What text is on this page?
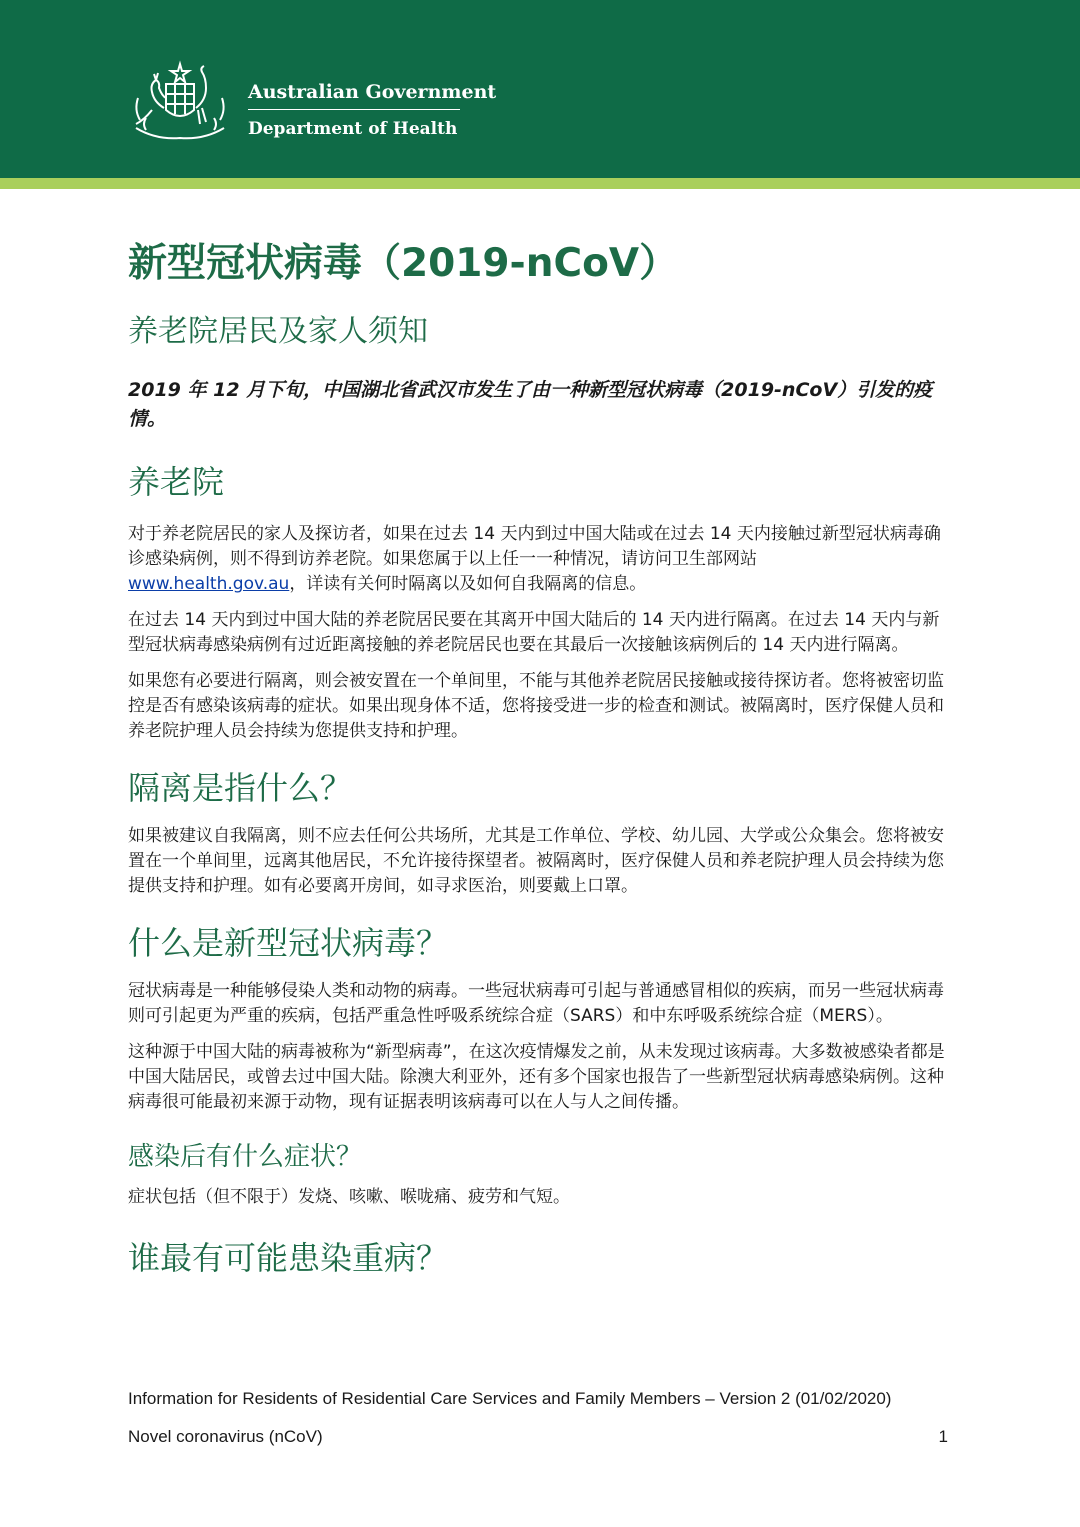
Australian Government
Department of Health
新型冠状病毒（2019-nCoV）
养老院居民及家人须知

2019 年 12 月下旬，中国湖北省武汉市发生了由一种新型冠状病毒（2019-nCoV）引发的疫情。

养老院

对于养老院居民的家人及探访者，如果在过去 14 天内到过中国大陆或在过去 14 天内接触过新型冠状病毒确诊感染病例，则不得到访养老院。如果您属于以上任一一种情况，请访问卫生部网站
www.health.gov.au，详读有关何时隔离以及如何自我隔离的信息。

在过去 14 天内到过中国大陆的养老院居民要在其离开中国大陆后的 14 天内进行隔离。在过去 14 天内与新型冠状病毒感染病例有过近距离接触的养老院居民也要在其最后一次接触该病例后的 14 天内进行隔离。

如果您有必要进行隔离，则会被安置在一个单间里，不能与其他养老院居民接触或接待探访者。您将被密切监控是否有感染该病毒的症状。如果出现身体不适，您将接受进一步的检查和测试。被隔离时，医疗保健人员和养老院护理人员会持续为您提供支持和护理。

隔离是指什么？

如果被建议自我隔离，则不应去任何公共场所，尤其是工作单位、学校、幼儿园、大学或公众集会。您将被安置在一个单间里，远离其他居民，不允许接待探望者。被隔离时，医疗保健人员和养老院护理人员会持续为您提供支持和护理。如有必要离开房间，如寻求医治，则要戴上口罩。

什么是新型冠状病毒？

冠状病毒是一种能够侵染人类和动物的病毒。一些冠状病毒可引起与普通感冒相似的疾病，而另一些冠状病毒则可引起更为严重的疾病，包括严重急性呼吸系统综合症（SARS）和中东呼吸系统综合症（MERS）。

这种源于中国大陆的病毒被称为“新型病毒”，在这次疫情爆发之前，从未发现过该病毒。大多数被感染者都是中国大陆居民，或曾去过中国大陆。除澳大利亚外，还有多个国家也报告了一些新型冠状病毒感染病例。这种病毒很可能最初来源于动物，现有证据表明该病毒可以在人与人之间传播。

感染后有什么症状？

症状包括（但不限于）发烧、咳嗽、喉咙痛、疲劳和气短。

谁最有可能患染重病？
Information for Residents of Residential Care Services and Family Members – Version 2 (01/02/2020)
Novel coronavirus (nCoV)	1
